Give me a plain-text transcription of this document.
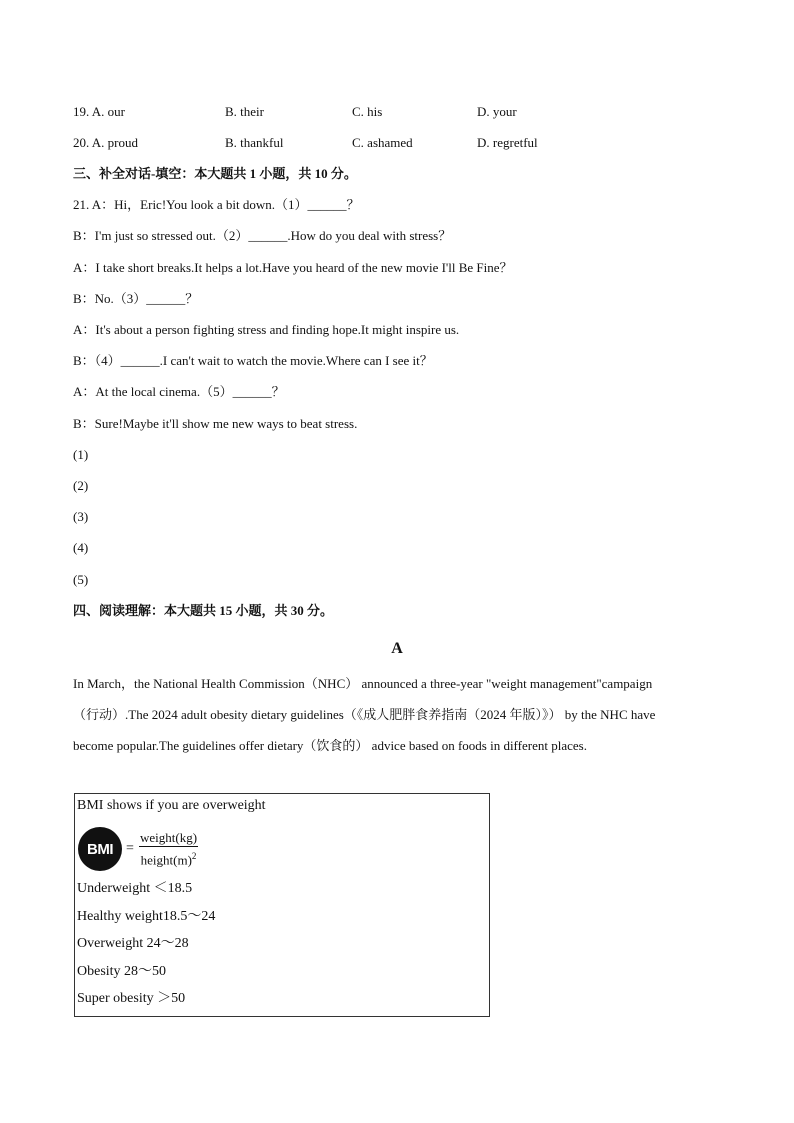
19. A. our	B. their	C. his	D. your
20. A. proud	B. thankful	C. ashamed	D. regretful
三、补全对话-填空：本大题共 1 小题，共 10 分。
21. A：Hi，Eric!You look a bit down.（1）______？
B：I'm just so stressed out.（2）______.How do you deal with stress？
A：I take short breaks.It helps a lot.Have you heard of the new movie I'll Be Fine？
B：No.（3）______？
A：It's about a person fighting stress and finding hope.It might inspire us.
B：（4）______.I can't wait to watch the movie.Where can I see it？
A：At the local cinema.（5）______？
B：Sure!Maybe it'll show me new ways to beat stress.
(1)
(2)
(3)
(4)
(5)
四、阅读理解：本大题共 15 小题，共 30 分。
A
In March，the National Health Commission（NHC） announced a three-year "weight management"campaign
（行动）.The 2024 adult obesity dietary guidelines（《成人肥胖食养指南（2024 年版）》） by the NHC have
become popular.The guidelines offer dietary（饮食的） advice based on foods in different places.
BMI shows if you are overweight
BMI =
weight(kg)
$height(m)^2$
Underweight ＜18.5
Healthy weight18.5～24
Overweight 24～28
Obesity 28～50
Super obesity ＞50
